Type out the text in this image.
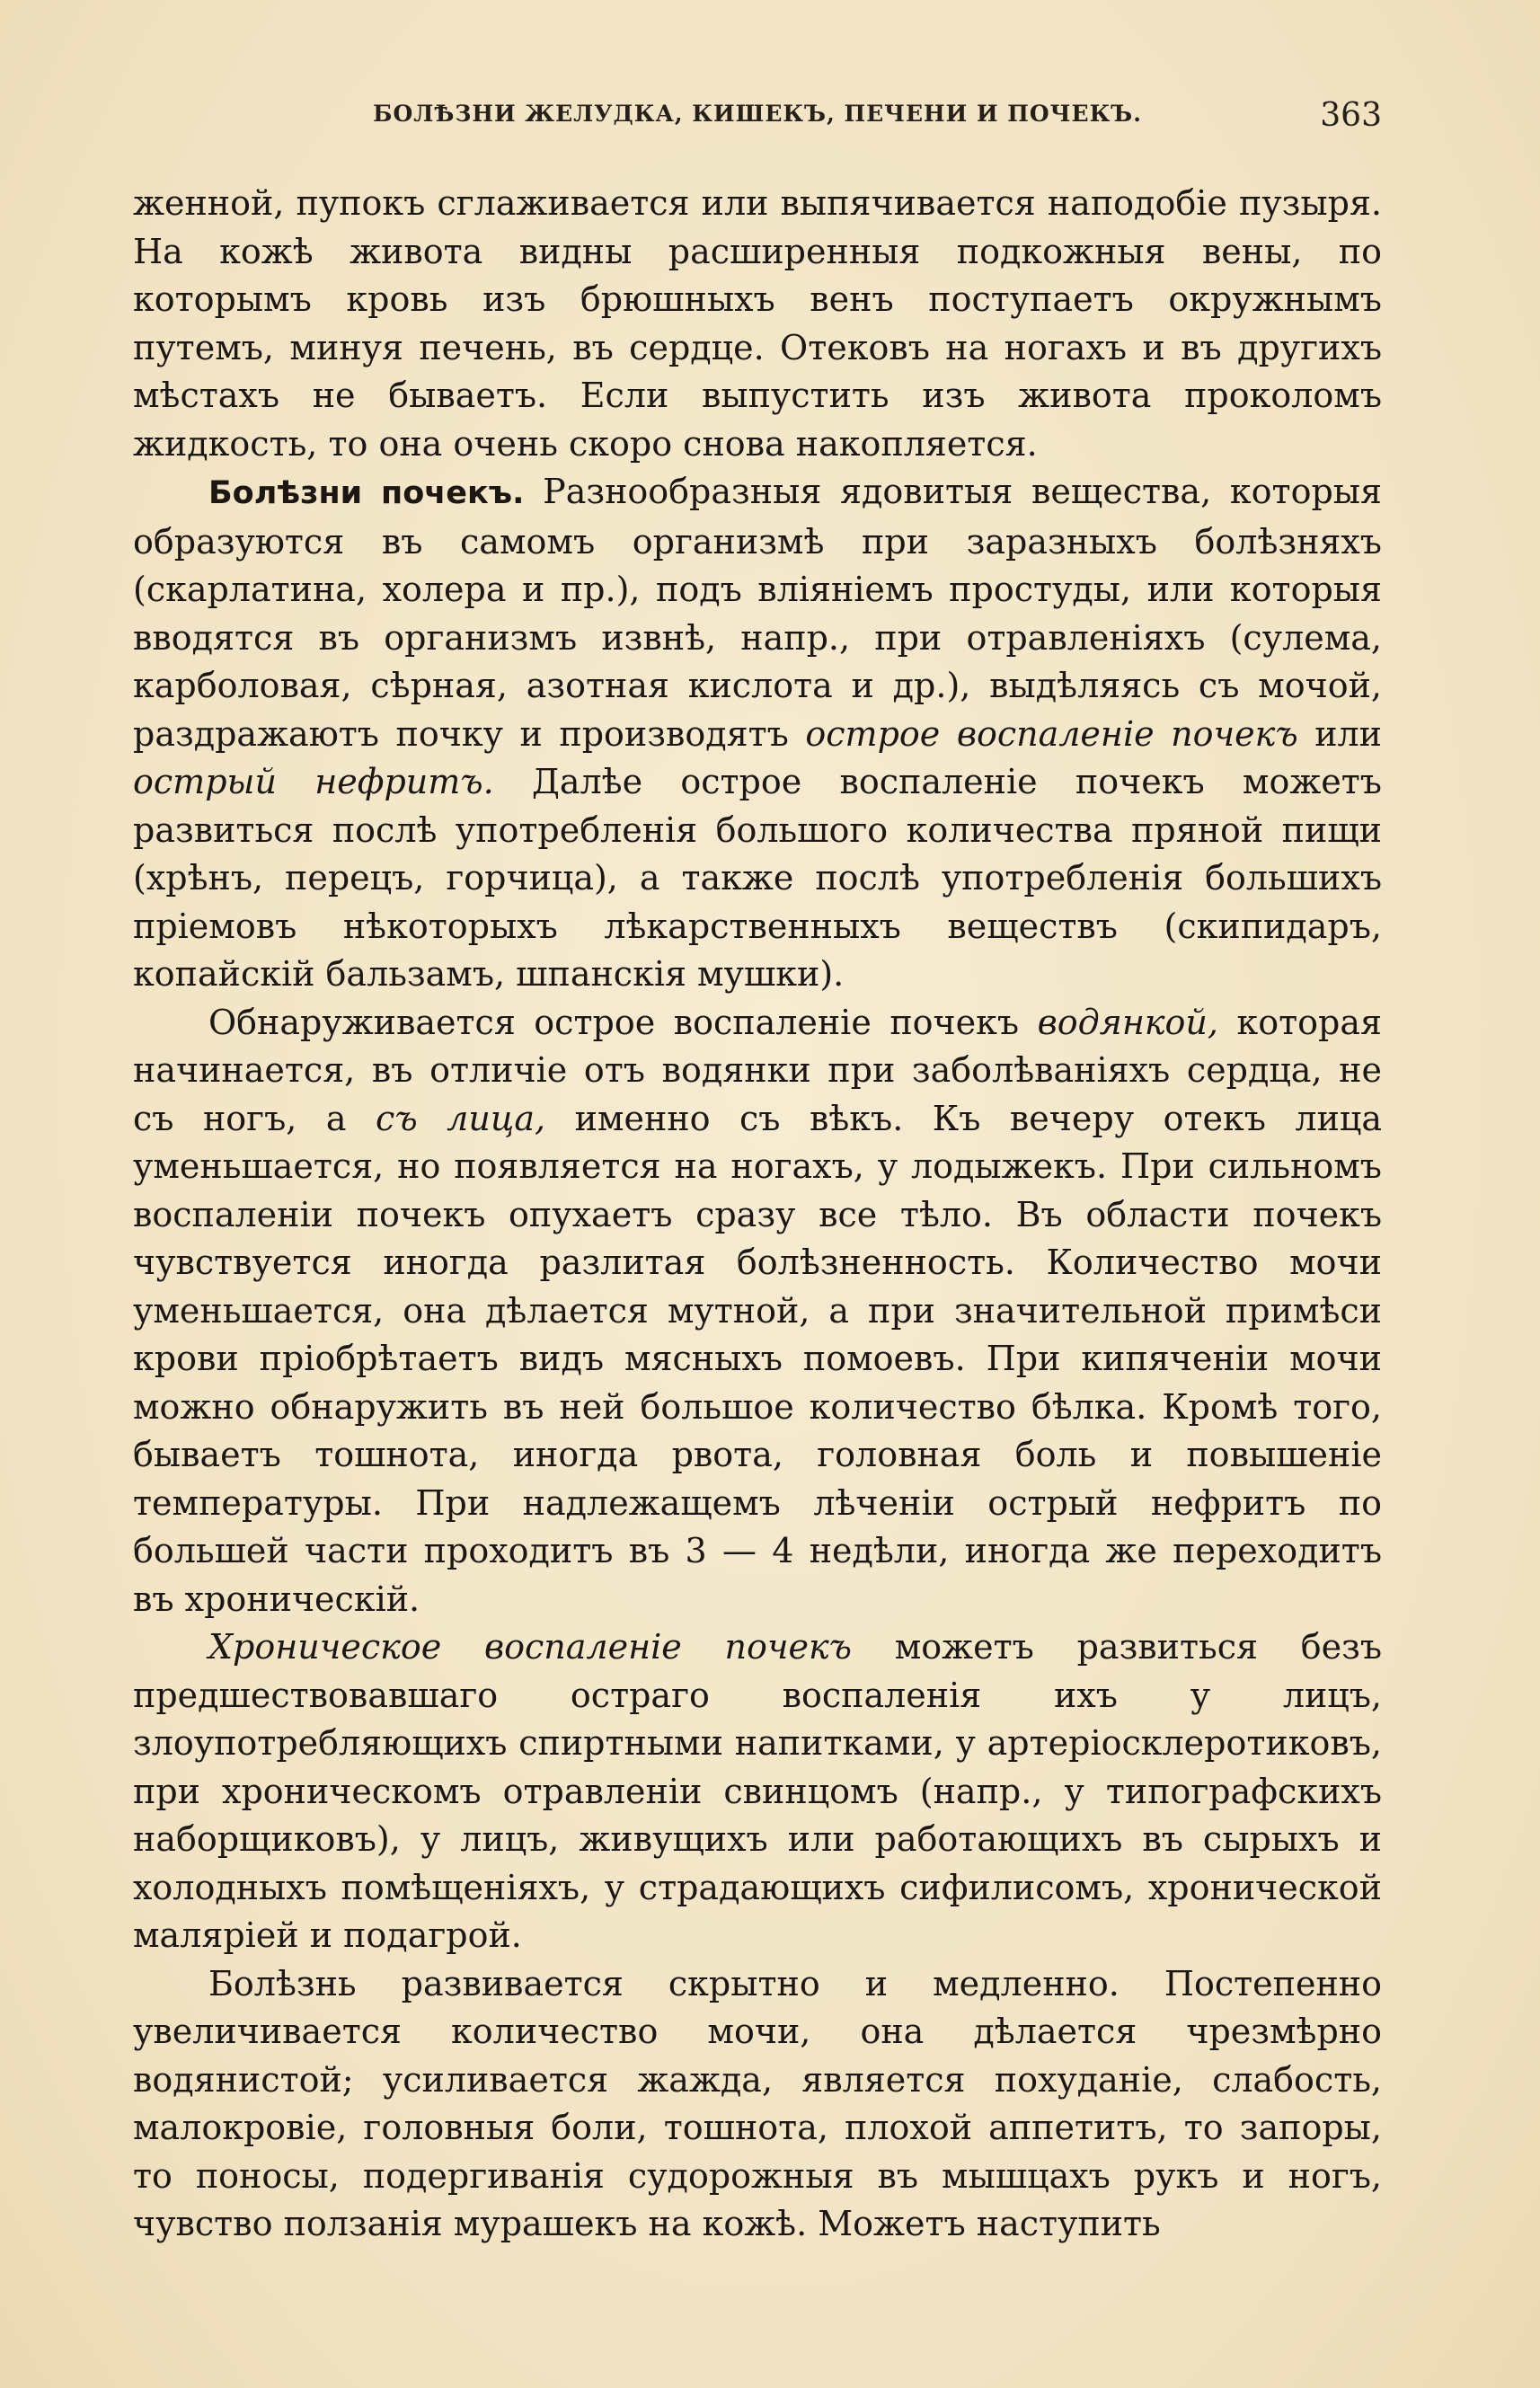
БОЛѢЗНИ ЖЕЛУДКА, КИШЕКЪ, ПЕЧЕНИ И ПОЧЕКЪ.	363

женной, пупокъ сглаживается или выпячивается наподобіе пузыря. На кожѣ живота видны расширенныя подкожныя вены, по которымъ кровь изъ брюшныхъ венъ поступаетъ окружнымъ путемъ, минуя печень, въ сердце. Отековъ на ногахъ и въ другихъ мѣстахъ не бываетъ. Если выпустить изъ живота проколомъ жидкость, то она очень скоро снова накопляется.

Болѣзни почекъ. Разнообразныя ядовитыя вещества, которыя образуются въ самомъ организмѣ при заразныхъ болѣзняхъ (скарлатина, холера и пр.), подъ вліяніемъ простуды, или которыя вводятся въ организмъ извнѣ, напр., при отравленіяхъ (сулема, карболовая, сѣрная, азотная кислота и др.), выдѣляясь съ мочой, раздражаютъ почку и производятъ острое воспаленіе почекъ или острый нефритъ. Далѣе острое воспаленіе почекъ можетъ развиться послѣ употребленія большого количества пряной пищи (хрѣнъ, перецъ, горчица), а также послѣ употребленія большихъ пріемовъ нѣкоторыхъ лѣкарственныхъ веществъ (скипидаръ, копайскій бальзамъ, шпанскія мушки).

Обнаруживается острое воспаленіе почекъ водянкой, которая начинается, въ отличіе отъ водянки при заболѣваніяхъ сердца, не съ ногъ, а съ лица, именно съ вѣкъ. Къ вечеру отекъ лица уменьшается, но появляется на ногахъ, у лодыжекъ. При сильномъ воспаленіи почекъ опухаетъ сразу все тѣло. Въ области почекъ чувствуется иногда разлитая болѣзненность. Количество мочи уменьшается, она дѣлается мутной, а при значительной примѣси крови пріобрѣтаетъ видъ мясныхъ помоевъ. При кипяченіи мочи можно обнаружить въ ней большое количество бѣлка. Кромѣ того, бываетъ тошнота, иногда рвота, головная боль и повышеніе температуры. При надлежащемъ лѣченіи острый нефритъ по большей части проходитъ въ 3 — 4 недѣли, иногда же переходитъ въ хроническій.

Хроническое воспаленіе почекъ можетъ развиться безъ предшествовавшаго остраго воспаленія ихъ у лицъ, злоупотребляющихъ спиртными напитками, у артеріосклеротиковъ, при хроническомъ отравленіи свинцомъ (напр., у типографскихъ наборщиковъ), у лицъ, живущихъ или работающихъ въ сырыхъ и холодныхъ помѣщеніяхъ, у страдающихъ сифилисомъ, хронической маляріей и подагрой.

Болѣзнь развивается скрытно и медленно. Постепенно увеличивается количество мочи, она дѣлается чрезмѣрно водянистой; усиливается жажда, является похуданіе, слабость, малокровіе, головныя боли, тошнота, плохой аппетитъ, то запоры, то поносы, подергиванія судорожныя въ мышцахъ рукъ и ногъ, чувство ползанія мурашекъ на кожѣ. Можетъ наступить
